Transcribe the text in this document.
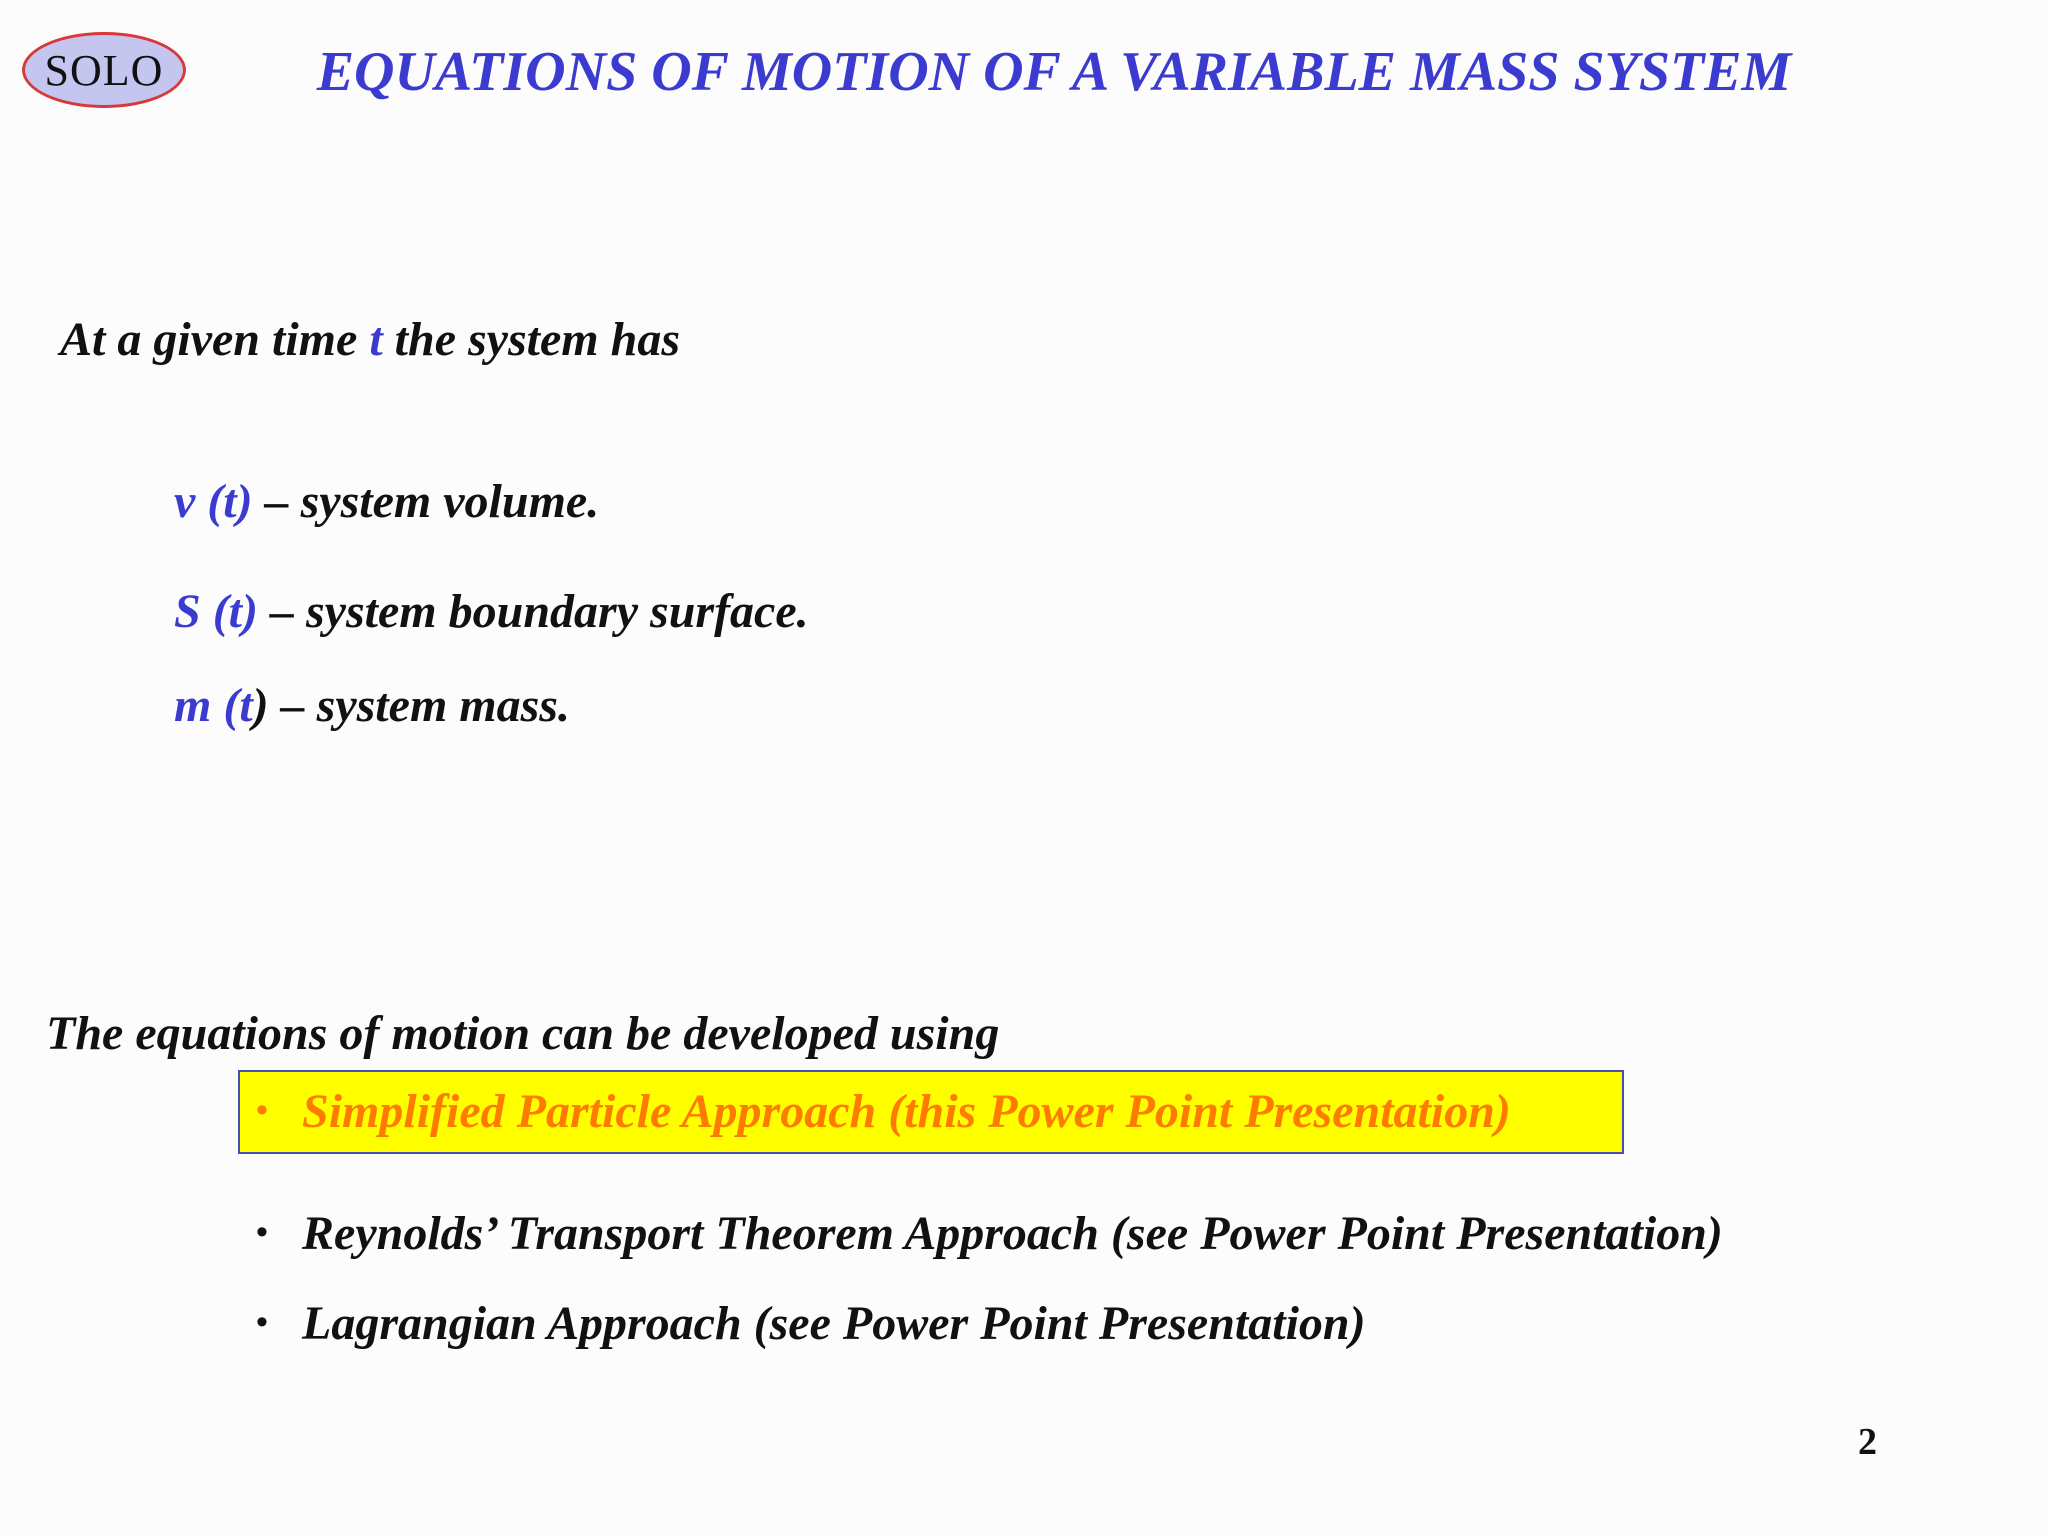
SOLO	EQUATIONS OF MOTION OF A VARIABLE MASS SYSTEM
At a given time t the system has
v (t) – system volume.
S (t) – system boundary surface.
m (t) – system mass.
The equations of motion can be developed using
• Simplified Particle Approach (this Power Point Presentation)
• Reynolds’ Transport Theorem Approach (see Power Point Presentation)
• Lagrangian Approach (see Power Point Presentation)
2
